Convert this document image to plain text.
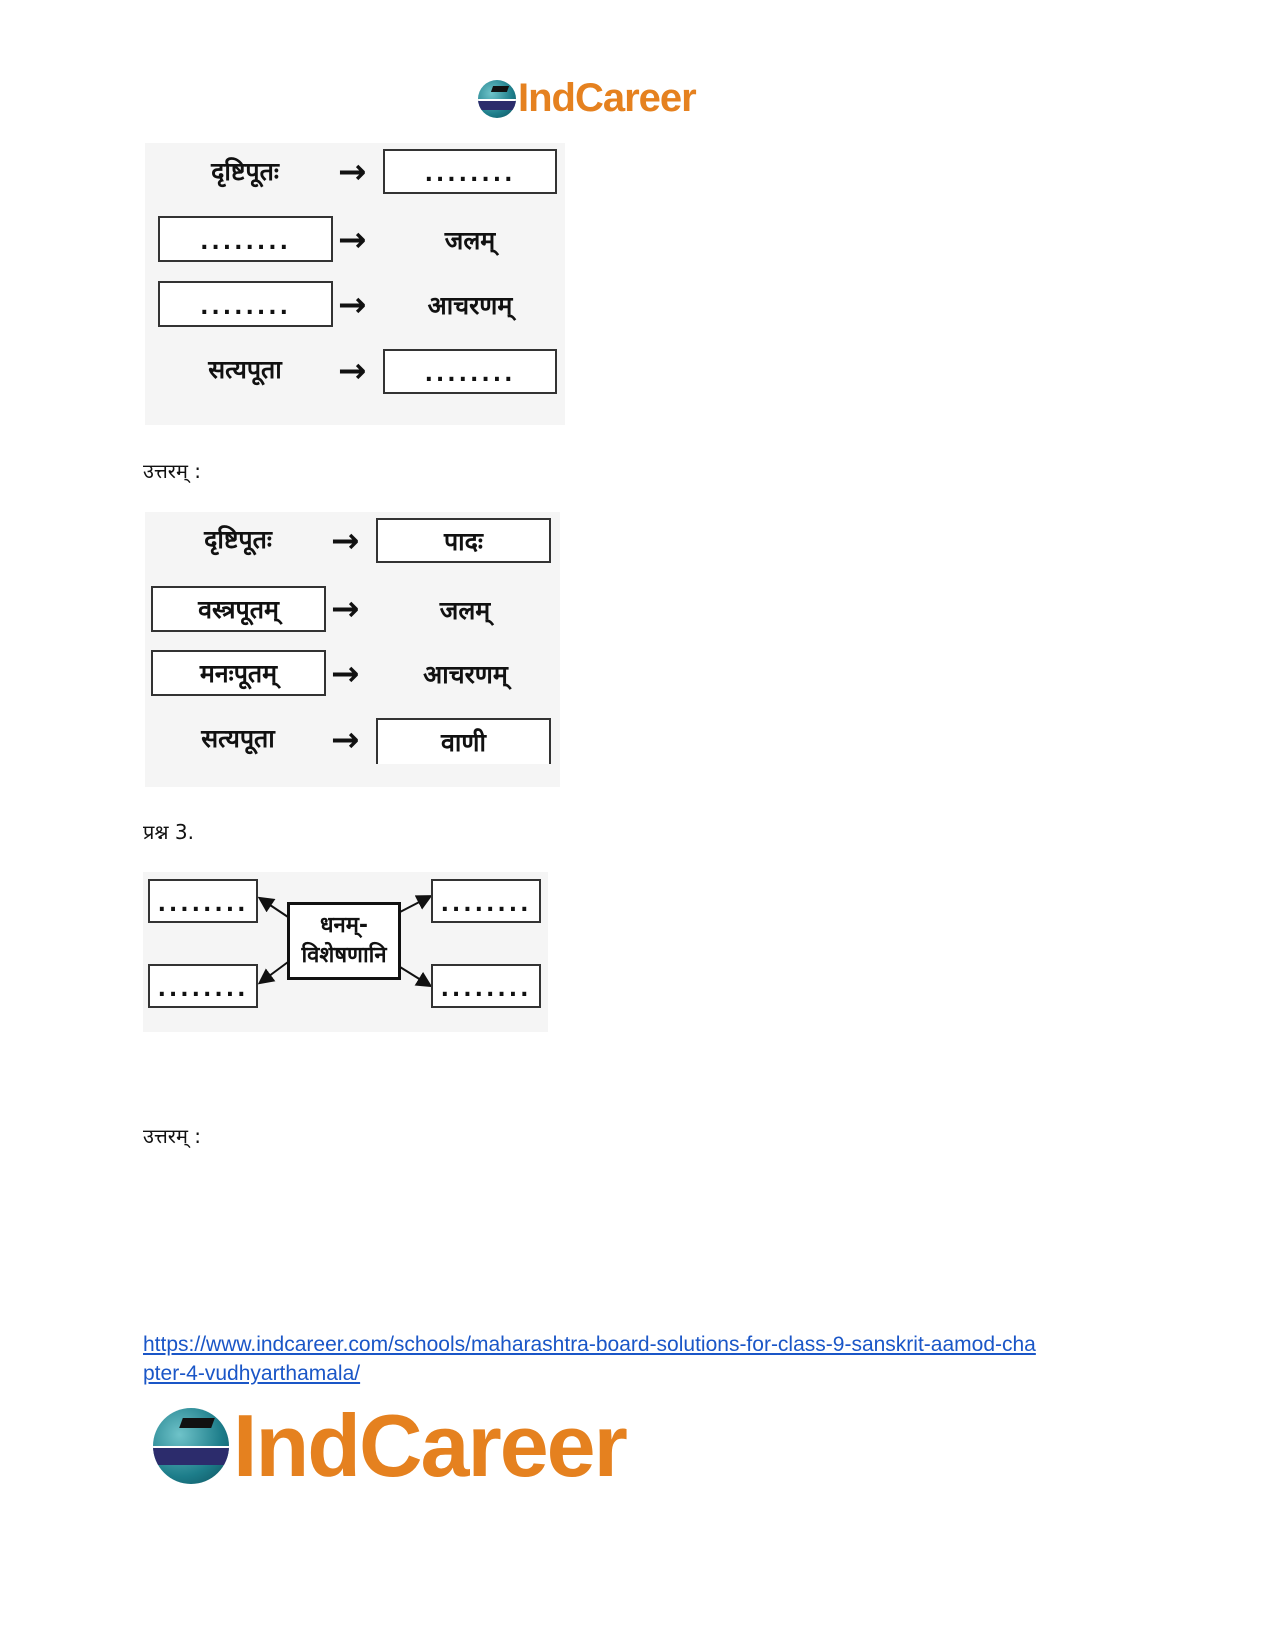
IndCareer
दृष्टिपूतः	→	........
........	→	जलम्
........	→	आचरणम्
सत्यपूता	→	........
उत्तरम् :
दृष्टिपूतः	→	पादः
वस्त्रपूतम्	→	जलम्
मनःपूतम्	→	आचरणम्
सत्यपूता	→	वाणी
प्रश्न 3.
........	........
........	........
धनम्-
विशेषणानि
उत्तरम् :
https://www.indcareer.com/schools/maharashtra-board-solutions-for-class-9-sanskrit-aamod-cha
pter-4-vudhyarthamala/
IndCareer
